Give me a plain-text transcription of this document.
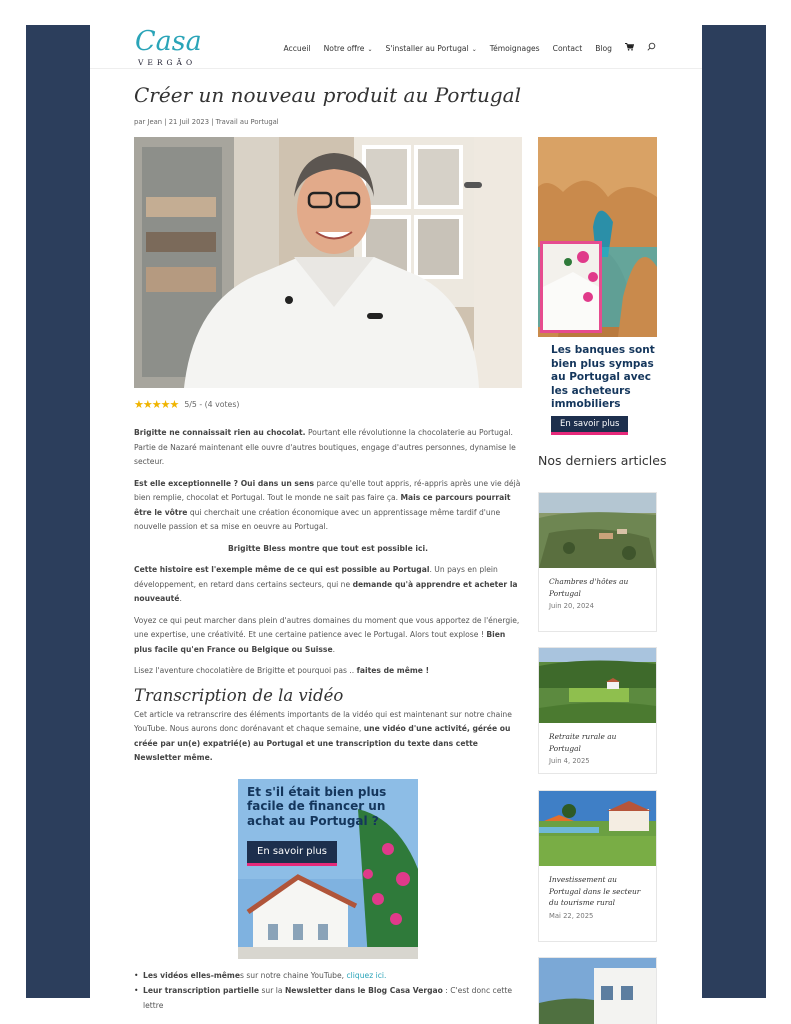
Casa
VERGÃO
Accueil Notre offre ⌄ S'installer au Portugal ⌄ Témoignages Contact Blog
Créer un nouveau produit au Portugal
par Jean | 21 Juil 2023 | Travail au Portugal
★★★★★ 5/5 - (4 votes)

Brigitte ne connaissait rien au chocolat. Pourtant elle révolutionne la chocolaterie au Portugal. Partie de Nazaré maintenant elle ouvre d'autres boutiques, engage d'autres personnes, dynamise le secteur.

Est elle exceptionnelle ? Oui dans un sens parce qu'elle tout appris, ré-appris après une vie déjà bien remplie, chocolat et Portugal. Tout le monde ne sait pas faire ça. Mais ce parcours pourrait être le vôtre qui cherchait une création économique avec un apprentissage même tardif d'une nouvelle passion et sa mise en oeuvre au Portugal.

Brigitte Bless montre que tout est possible ici.

Cette histoire est l'exemple même de ce qui est possible au Portugal. Un pays en plein développement, en retard dans certains secteurs, qui ne demande qu'à apprendre et acheter la nouveauté.

Voyez ce qui peut marcher dans plein d'autres domaines du moment que vous apportez de l'énergie, une expertise, une créativité. Et une certaine patience avec le Portugal. Alors tout explose ! Bien plus facile qu'en France ou Belgique ou Suisse.

Lisez l'aventure chocolatière de Brigitte et pourquoi pas .. faites de même !

Transcription de la vidéo

Cet article va retranscrire des éléments importants de la vidéo qui est maintenant sur notre chaine YouTube. Nous aurons donc dorénavant et chaque semaine, une vidéo d'une activité, gérée ou créée par un(e) expatrié(e) au Portugal et une transcription du texte dans cette Newsletter même.

Et s'il était bien plus facile de financer un achat au Portugal ?
En savoir plus
• Les vidéos elles-mêmes sur notre chaine YouTube, cliquez ici.
• Leur transcription partielle sur la Newsletter dans le Blog Casa Vergao : C'est donc cette lettre
Les banques sont bien plus sympas au Portugal avec les acheteurs immobiliers
En savoir plus
Nos derniers articles
Chambres d'hôtes au Portugal
Juin 20, 2024
Retraite rurale au Portugal
Juin 4, 2025
Investissement au Portugal dans le secteur du tourisme rural
Mai 22, 2025
